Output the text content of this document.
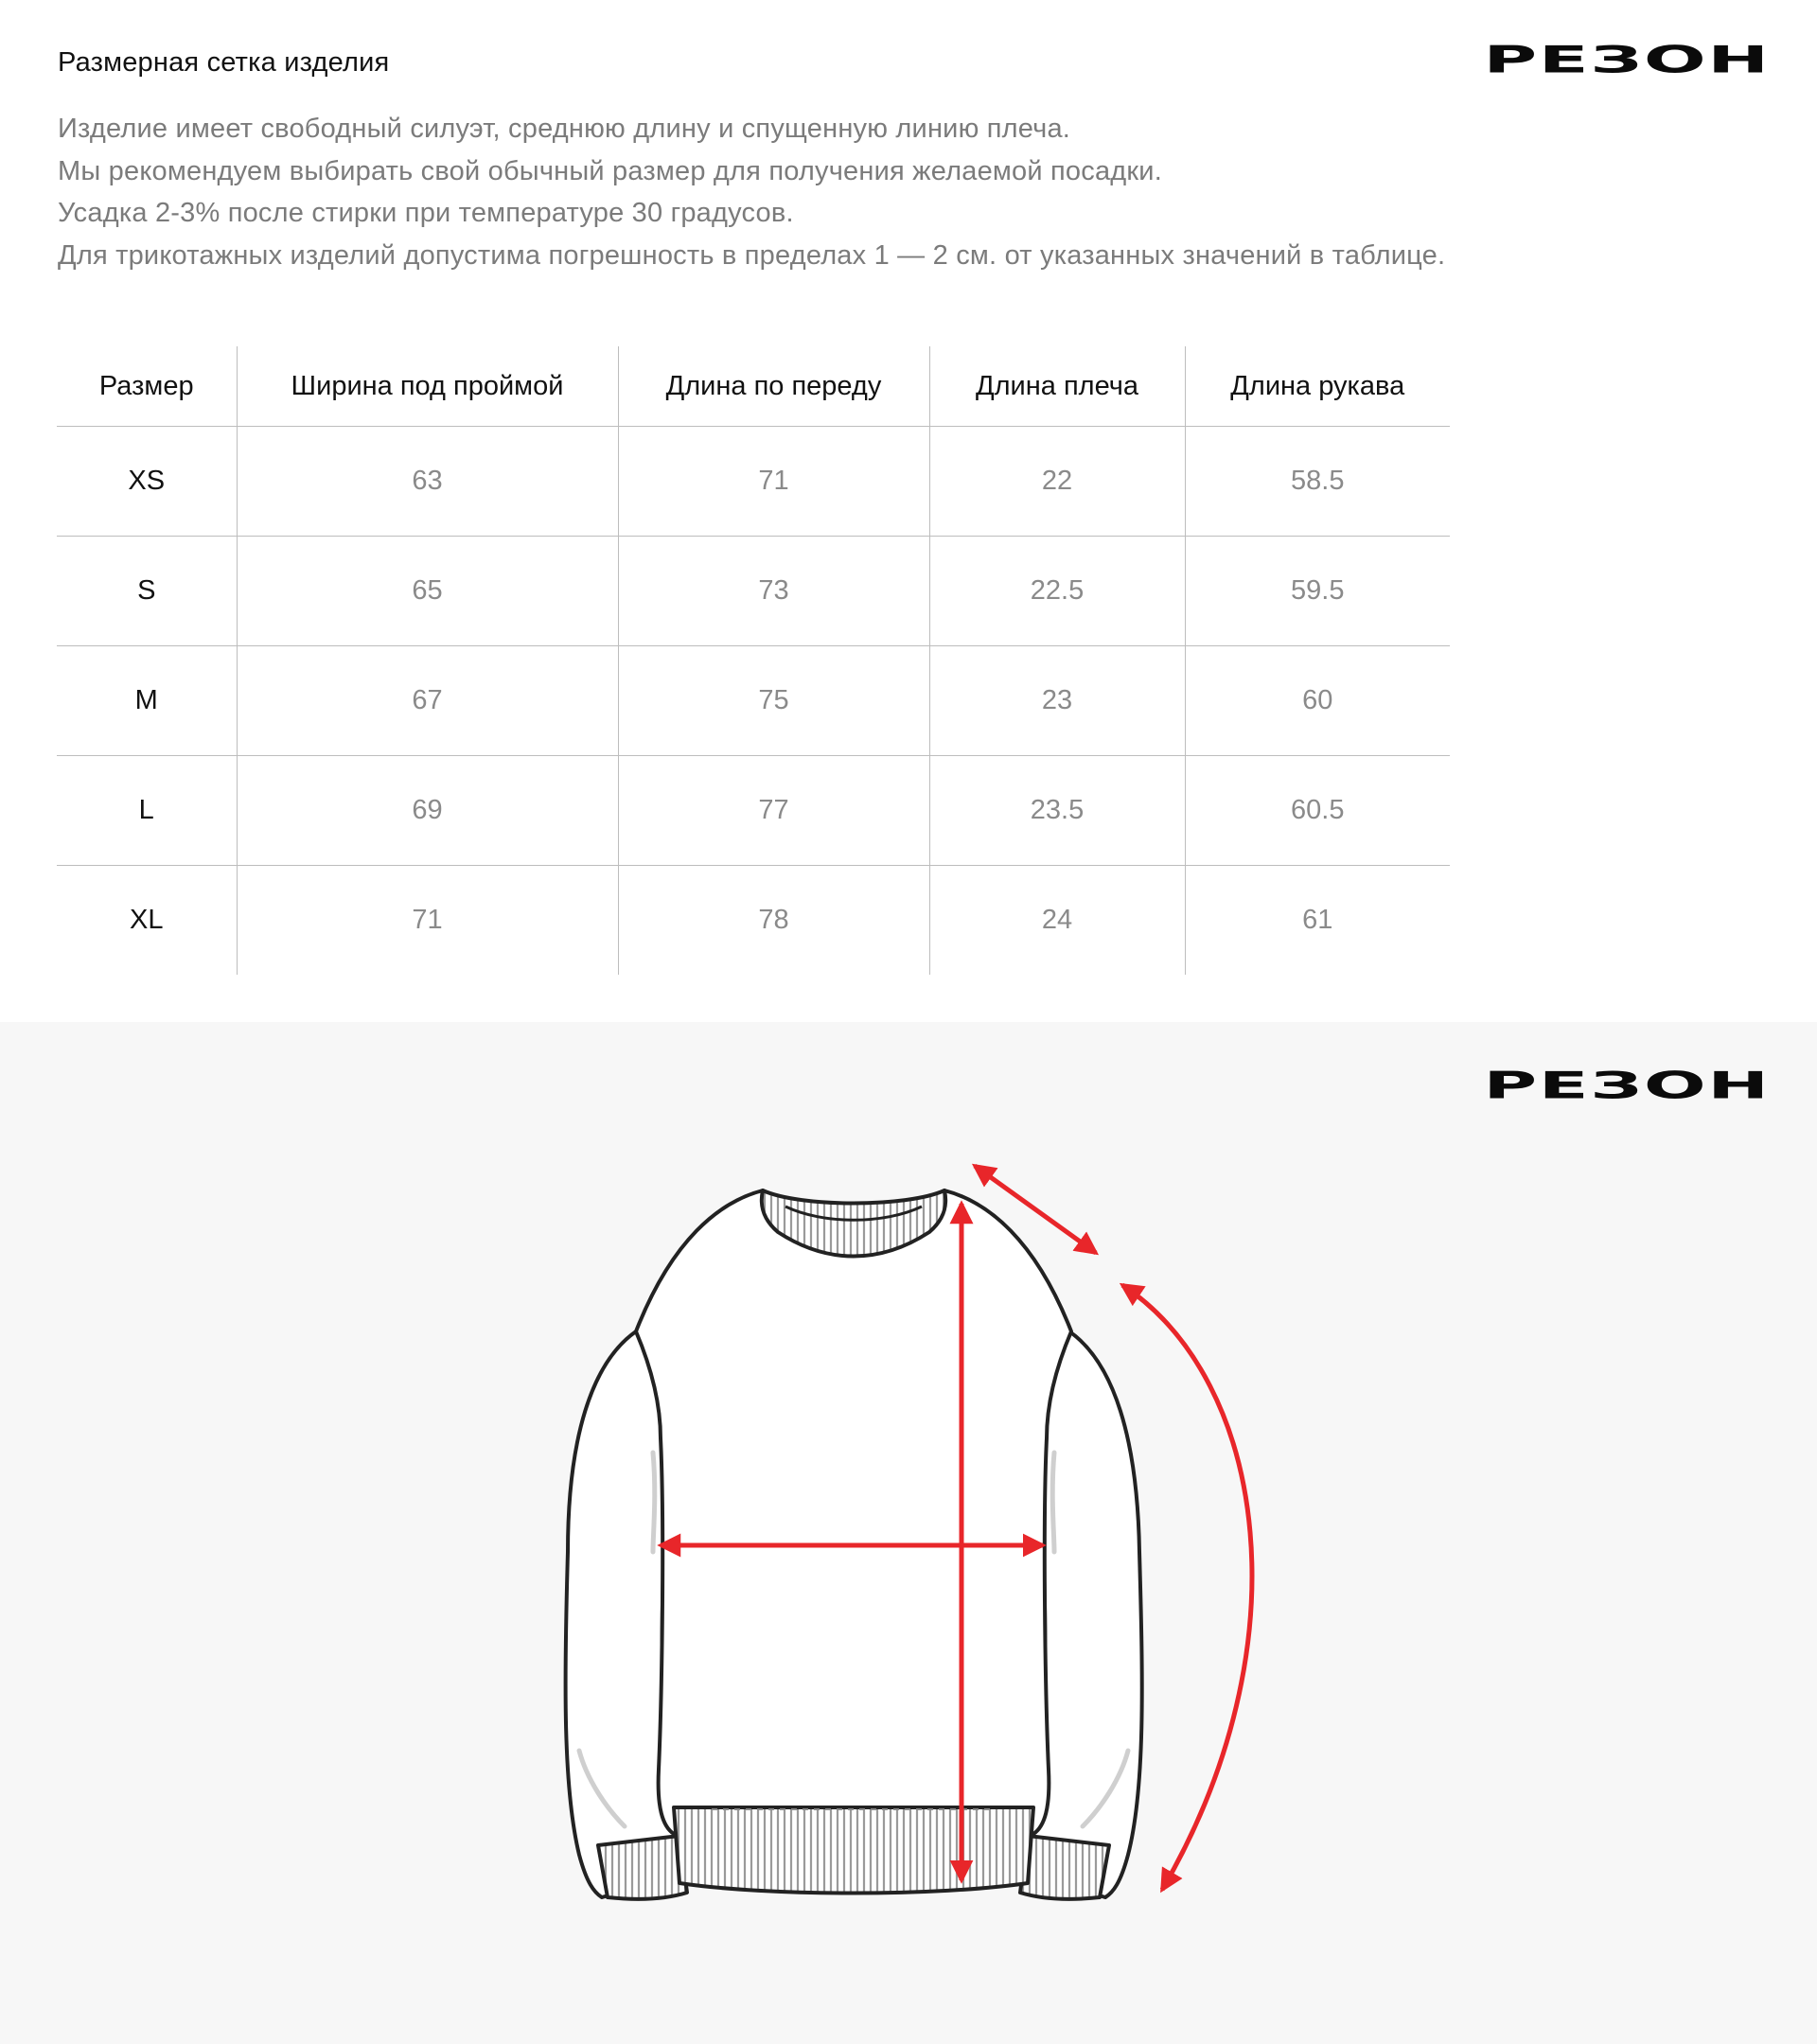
Размерная сетка изделия	РЕЗОН

Изделие имеет свободный силуэт, среднюю длину и спущенную линию плеча.

Мы рекомендуем выбирать свой обычный размер для получения желаемой посадки.

Усадка 2-3% после стирки при температуре 30 градусов.

Для трикотажных изделий допустима погрешность в пределах 1 — 2 см. от указанных значений в таблице.

Размер	Ширина под проймой	Длина по переду	Длина плеча	Длина рукава
XS	63	71	22	58.5
S	65	73	22.5	59.5
M	67	75	23	60
L	69	77	23.5	60.5
XL	71	78	24	61
РЕЗОН
